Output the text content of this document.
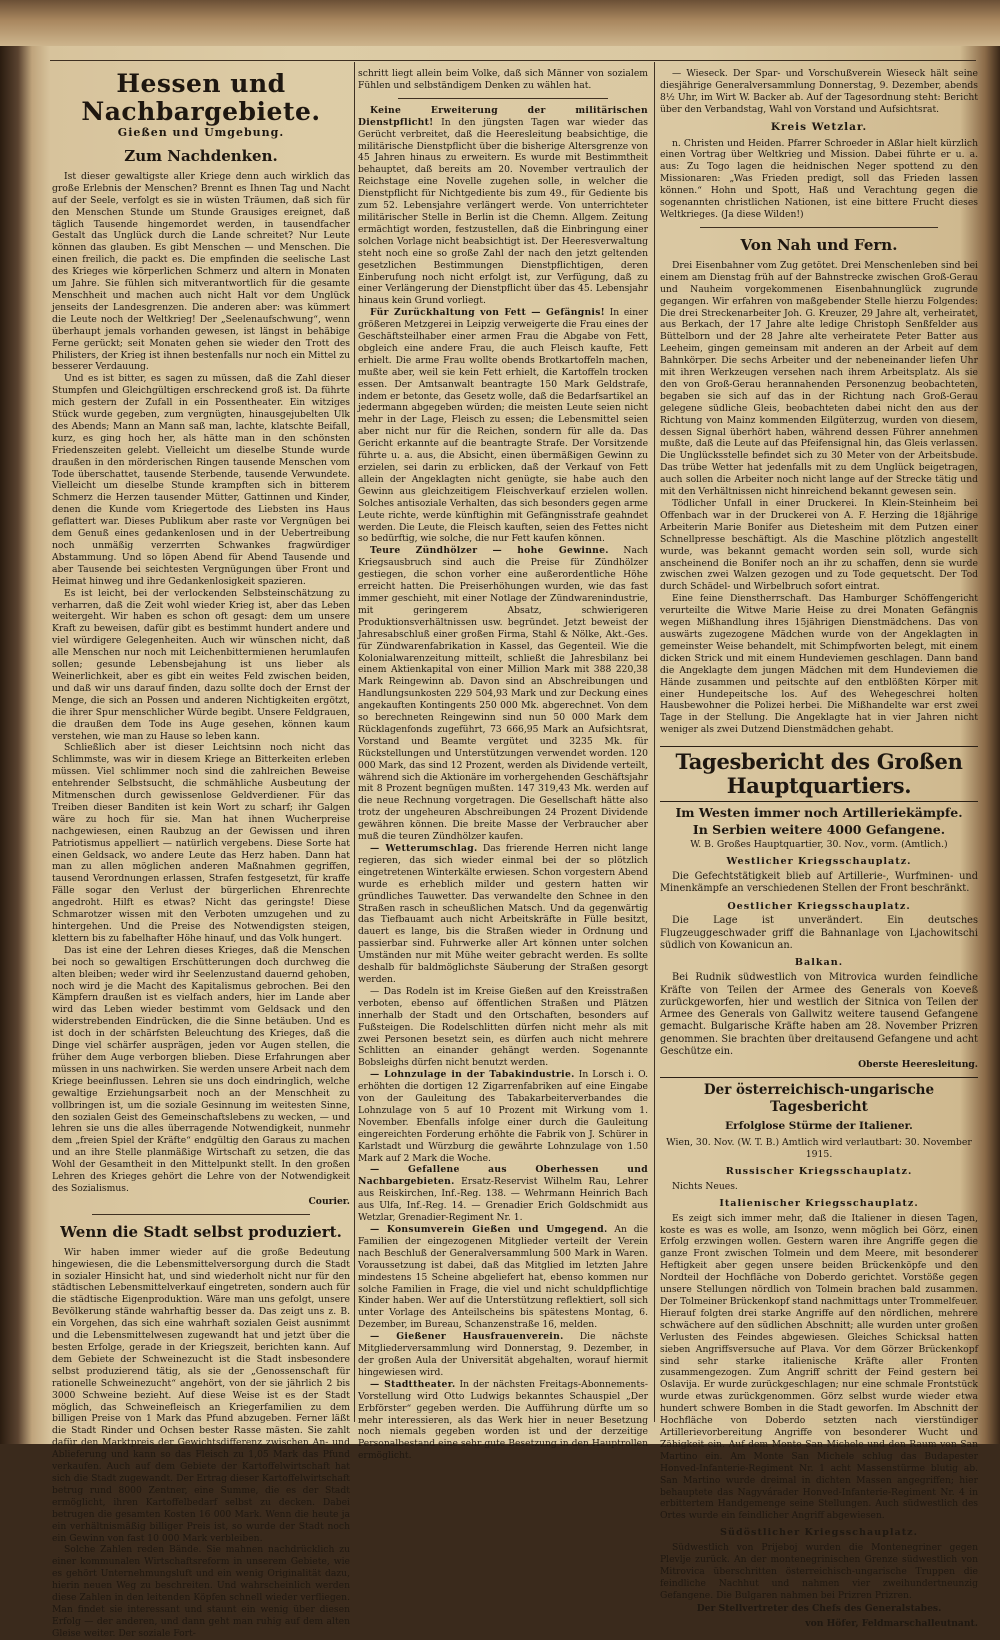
Hessen und Nachbargebiete.
Gießen und Umgebung.
Zum Nachdenken.

Ist dieser gewaltigste aller Kriege denn auch wirklich das große Erlebnis der Menschen? Brennt es Ihnen Tag und Nacht auf der Seele, verfolgt es sie in wüsten Träumen, daß sich für den Menschen Stunde um Stunde Grausiges ereignet, daß täglich Tausende hingemordet werden, in tausendfacher Gestalt das Unglück durch die Lande schreitet? Nur Leute können das glauben. Es gibt Menschen — und Menschen. Die einen freilich, die packt es. Die empfinden die seelische Last des Krieges wie körperlichen Schmerz und altern in Monaten um Jahre. Sie fühlen sich mitverantwortlich für die gesamte Menschheit und machen auch nicht Halt vor dem Unglück jenseits der Landesgrenzen. Die anderen aber: was kümmert die Leute noch der Weltkrieg! Der „Seelenaufschwung“, wenn überhaupt jemals vorhanden gewesen, ist längst in behäbige Ferne gerückt; seit Monaten gehen sie wieder den Trott des Philisters, der Krieg ist ihnen bestenfalls nur noch ein Mittel zu besserer Verdauung.

Und es ist bitter, es sagen zu müssen, daß die Zahl dieser Stumpfen und Gleichgültigen erschreckend groß ist. Da führte mich gestern der Zufall in ein Possentheater. Ein witziges Stück wurde gegeben, zum vergnügten, hinausgejubelten Ulk des Abends; Mann an Mann saß man, lachte, klatschte Beifall, kurz, es ging hoch her, als hätte man in den schönsten Friedenszeiten gelebt. Vielleicht um dieselbe Stunde wurde draußen in den mörderischen Ringen tausende Menschen vom Tode überschattet, tausende Sterbende, tausende Verwundete. Vielleicht um dieselbe Stunde krampften sich in bitterem Schmerz die Herzen tausender Mütter, Gattinnen und Kinder, denen die Kunde vom Kriegertode des Liebsten ins Haus geflattert war. Dieses Publikum aber raste vor Vergnügen bei dem Genuß eines gedankenlosen und in der Uebertreibung noch unmäßig verzerrten Schwankes fragwürdiger Abstammung. Und so löpen Abend für Abend Tausende und aber Tausende bei seichtesten Vergnügungen über Front und Heimat hinweg und ihre Gedankenlosigkeit spazieren.

Es ist leicht, bei der verlockenden Selbsteinschätzung zu verharren, daß die Zeit wohl wieder Krieg ist, aber das Leben weitergeht. Wir haben es schon oft gesagt: dem um unsere Kraft zu beweisen, dafür gibt es bestimmt hundert andere und viel würdigere Gelegenheiten. Auch wir wünschen nicht, daß alle Menschen nur noch mit Leichenbittermienen herumlaufen sollen; gesunde Lebensbejahung ist uns lieber als Weinerlichkeit, aber es gibt ein weites Feld zwischen beiden, und daß wir uns darauf finden, dazu sollte doch der Ernst der Menge, die sich an Possen und anderen Nichtigkeiten ergötzt, die ihrer Spur menschlicher Würde begibt. Unsere Feldgrauen, die draußen dem Tode ins Auge gesehen, können kaum verstehen, wie man zu Hause so leben kann.

Schließlich aber ist dieser Leichtsinn noch nicht das Schlimmste, was wir in diesem Kriege an Bitterkeiten erleben müssen. Viel schlimmer noch sind die zahlreichen Beweise entehrender Selbstsucht, die schmähliche Ausbeutung der Mitmenschen durch gewissenlose Geldverdiener. Für das Treiben dieser Banditen ist kein Wort zu scharf; ihr Galgen wäre zu hoch für sie. Man hat ihnen Wucherpreise nachgewiesen, einen Raubzug an der Gewissen und ihren Patriotismus appelliert — natürlich vergebens. Diese Sorte hat einen Geldsack, wo andere Leute das Herz haben. Dann hat man zu allen möglichen anderen Maßnahmen gegriffen, tausend Verordnungen erlassen, Strafen festgesetzt, für kraffe Fälle sogar den Verlust der bürgerlichen Ehrenrechte angedroht. Hilft es etwas? Nicht das geringste! Diese Schmarotzer wissen mit den Verboten umzugehen und zu hintergehen. Und die Preise des Notwendigsten steigen, klettern bis zu fabelhafter Höhe hinauf, und das Volk hungert.

Das ist eine der Lehren dieses Krieges, daß die Menschen bei noch so gewaltigen Erschütterungen doch durchweg die alten bleiben; weder wird ihr Seelenzustand dauernd gehoben, noch wird je die Macht des Kapitalismus gebrochen. Bei den Kämpfern draußen ist es vielfach anders, hier im Lande aber wird das Leben wieder bestimmt vom Geldsack und den widerstrebenden Eindrücken, die die Sinne betäuben. Und es ist doch in der schärfsten Beleuchtung des Krieges, daß die Dinge viel schärfer ausprägen, jeden vor Augen stellen, die früher dem Auge verborgen blieben. Diese Erfahrungen aber müssen in uns nachwirken. Sie werden unsere Arbeit nach dem Kriege beeinflussen. Lehren sie uns doch eindringlich, welche gewaltige Erziehungsarbeit noch an der Menschheit zu vollbringen ist, um die soziale Gesinnung im weitesten Sinne, den sozialen Geist des Gemeinschaftslebens zu wecken, — und lehren sie uns die alles überragende Notwendigkeit, nunmehr dem „freien Spiel der Kräfte“ endgültig den Garaus zu machen und an ihre Stelle planmäßige Wirtschaft zu setzen, die das Wohl der Gesamtheit in den Mittelpunkt stellt. In den großen Lehren des Krieges gehört die Lehre von der Notwendigkeit des Sozialismus.

Courier.
Wenn die Stadt selbst produziert.

Wir haben immer wieder auf die große Bedeutung hingewiesen, die die Lebensmittelversorgung durch die Stadt in sozialer Hinsicht hat, und sind wiederholt nicht nur für den städtischen Lebensmittelverkauf eingetreten, sondern auch für die städtische Eigenproduktion. Wäre man uns gefolgt, unsere Bevölkerung stände wahrhaftig besser da. Das zeigt uns z. B. ein Vorgehen, das sich eine wahrhaft sozialen Geist ausnimmt und die Lebensmittelwesen zugewandt hat und jetzt über die besten Erfolge, gerade in der Kriegszeit, berichten kann. Auf dem Gebiete der Schweinezucht ist die Stadt insbesondere selbst produzierend tätig, als sie der „Genossenschaft für rationelle Schweinezucht“ angehört, von der sie jährlich 2 bis 3000 Schweine bezieht. Auf diese Weise ist es der Stadt möglich, das Schweinefleisch an Kriegerfamilien zu dem billigen Preise von 1 Mark das Pfund abzugeben. Ferner läßt die Stadt Rinder und Ochsen bester Rasse mästen. Sie zahlt dafür den Marktpreis der Gewichtsdifferenz zwischen An- und Ablieferung und kann so das Fleisch zu 1,05 Mark das Pfund verkaufen. Auch auf dem Gebiete der Kartoffelwirtschaft hat sich die Stadt zugewandt. Der Ertrag dieser Kartoffelwirtschaft betrug rund 8000 Zentner, eine Summe, die es der Stadt ermöglicht, ihren Kartoffelbedarf selbst zu decken. Dabei betrugen die gesamten Kosten 16 000 Mark. Wenn die heute ja ein verhältnismäßig billiger Preis ist, so wurde der Stadt noch ein Gewinn von fast 10 000 Mark verbleiben.

Solche Zahlen reden Bände. Sie mahnen nachdrücklich zu einer kommunalen Wirtschaftsreform in unserem Gebiete, wie es gehört Unternehmungsluft und ein wenig Originalität dazu, hierin neuen Weg zu beschreiten. Und wahrscheinlich werden diese Zahlen in den leitenden Köpfen schnell wieder verfliegen. Man findet sie interessant und staunt ein wenig über diesen Erfolg — der anderen, und dann geht man ruhig auf dem alten Gleise weiter. Der soziale Fort-

schritt liegt allein beim Volke, daß sich Männer von sozialem Fühlen und selbständigem Denken zu wählen hat.

Keine Erweiterung der militärischen Dienstpflicht! In den jüngsten Tagen war wieder das Gerücht verbreitet, daß die Heeresleitung beabsichtige, die militärische Dienstpflicht über die bisherige Altersgrenze von 45 Jahren hinaus zu erweitern. Es wurde mit Bestimmtheit behauptet, daß bereits am 20. November vertraulich der Reichstage eine Novelle zugehen solle, in welcher die Dienstpflicht für Nichtgediente bis zum 49., für Gediente bis zum 52. Lebensjahre verlängert werde. Von unterrichteter militärischer Stelle in Berlin ist die Chemn. Allgem. Zeitung ermächtigt worden, festzustellen, daß die Einbringung einer solchen Vorlage nicht beabsichtigt ist. Der Heeresverwaltung steht noch eine so große Zahl der nach den jetzt geltenden gesetzlichen Bestimmungen Dienstpflichtigen, deren Einberufung noch nicht erfolgt ist, zur Verfügung, daß zu einer Verlängerung der Dienstpflicht über das 45. Lebensjahr hinaus kein Grund vorliegt.

Für Zurückhaltung von Fett — Gefängnis! In einer größeren Metzgerei in Leipzig verweigerte die Frau eines der Geschäftsteilhaber einer armen Frau die Abgabe von Fett, obgleich eine andere Frau, die auch Fleisch kaufte, Fett erhielt. Die arme Frau wollte obends Brotkartoffeln machen, mußte aber, weil sie kein Fett erhielt, die Kartoffeln trocken essen. Der Amtsanwalt beantragte 150 Mark Geldstrafe, indem er betonte, das Gesetz wolle, daß die Bedarfsartikel an jedermann abgegeben würden; die meisten Leute seien nicht mehr in der Lage, Fleisch zu essen; die Lebensmittel seien aber nicht nur für die Reichen, sondern für alle da. Das Gericht erkannte auf die beantragte Strafe. Der Vorsitzende führte u. a. aus, die Absicht, einen übermäßigen Gewinn zu erzielen, sei darin zu erblicken, daß der Verkauf von Fett allein der Angeklagten nicht genügte, sie habe auch den Gewinn aus gleichzeitigem Fleischverkauf erzielen wollen. Solches antisoziale Verhalten, das sich besonders gegen arme Leute richte, werde künftighin mit Gefängnisstrafe geahndet werden. Die Leute, die Fleisch kauften, seien des Fettes nicht so bedürftig, wie solche, die nur Fett kaufen können.

Teure Zündhölzer — hohe Gewinne. Nach Kriegsausbruch sind auch die Preise für Zündhölzer gestiegen, die schon vorher eine außerordentliche Höhe erreicht hatten. Die Preiserhöhungen wurden, wie das fast immer geschieht, mit einer Notlage der Zündwarenindustrie, mit geringerem Absatz, schwierigeren Produktionsverhältnissen usw. begründet. Jetzt beweist der Jahresabschluß einer großen Firma, Stahl & Nölke, Akt.-Ges. für Zündwarenfabrikation in Kassel, das Gegenteil. Wie die Kolonialwarenzeitung mitteilt, schließt die Jahresbilanz bei einem Aktienkapital von einer Million Mark mit 388 220,38 Mark Reingewinn ab. Davon sind an Abschreibungen und Handlungsunkosten 229 504,93 Mark und zur Deckung eines angekauften Kontingents 250 000 Mk. abgerechnet. Von dem so berechneten Reingewinn sind nun 50 000 Mark dem Rücklagenfonds zugeführt, 73 666,95 Mark an Aufsichtsrat, Vorstand und Beamte vergütet und 3235 Mk. für Rückstellungen und Unterstützungen verwendet worden. 120 000 Mark, das sind 12 Prozent, werden als Dividende verteilt, während sich die Aktionäre im vorhergehenden Geschäftsjahr mit 8 Prozent begnügen mußten. 147 319,43 Mk. werden auf die neue Rechnung vorgetragen. Die Gesellschaft hätte also trotz der ungeheuren Abschreibungen 24 Prozent Dividende gewähren können. Die breite Masse der Verbraucher aber muß die teuren Zündhölzer kaufen.

— Wetterumschlag. Das frierende Herren nicht lange regieren, das sich wieder einmal bei der so plötzlich eingetretenen Winterkälte erwiesen. Schon vorgestern Abend wurde es erheblich milder und gestern hatten wir gründliches Tauwetter. Das verwandelte den Schnee in den Straßen rasch in scheußlichen Matsch. Und da gegenwärtig das Tiefbauamt auch nicht Arbeitskräfte in Fülle besitzt, dauert es lange, bis die Straßen wieder in Ordnung und passierbar sind. Fuhrwerke aller Art können unter solchen Umständen nur mit Mühe weiter gebracht werden. Es sollte deshalb für baldmöglichste Säuberung der Straßen gesorgt werden.

— Das Rodeln ist im Kreise Gießen auf den Kreisstraßen verboten, ebenso auf öffentlichen Straßen und Plätzen innerhalb der Stadt und den Ortschaften, besonders auf Fußsteigen. Die Rodelschlitten dürfen nicht mehr als mit zwei Personen besetzt sein, es dürfen auch nicht mehrere Schlitten an einander gehängt werden. Sogenannte Bobsleighs dürfen nicht benutzt werden.

— Lohnzulage in der Tabakindustrie. In Lorsch i. O. erhöhten die dortigen 12 Zigarrenfabriken auf eine Eingabe von der Gauleitung des Tabakarbeiterverbandes die Lohnzulage von 5 auf 10 Prozent mit Wirkung vom 1. November. Ebenfalls infolge einer durch die Gauleitung eingereichten Forderung erhöhte die Fabrik von J. Schürer in Karlstadt und Würzburg die gewährte Lohnzulage von 1.50 Mark auf 2 Mark die Woche.

— Gefallene aus Oberhessen und Nachbargebieten. Ersatz-Reservist Wilhelm Rau, Lehrer aus Reiskirchen, Inf.-Reg. 138. — Wehrmann Heinrich Bach aus Ulfa, Inf.-Reg. 14. — Grenadier Erich Goldschmidt aus Wetzlar, Grenadier-Regiment Nr. 1.

— Konsumverein Gießen und Umgegend. An die Familien der eingezogenen Mitglieder verteilt der Verein nach Beschluß der Generalversammlung 500 Mark in Waren. Voraussetzung ist dabei, daß das Mitglied im letzten Jahre mindestens 15 Scheine abgeliefert hat, ebenso kommen nur solche Familien in Frage, die viel und nicht schuldpflichtige Kinder haben. Wer auf die Unterstützung reflektiert, soll sich unter Vorlage des Anteilscheins bis spätestens Montag, 6. Dezember, im Bureau, Schanzenstraße 16, melden.

— Gießener Hausfrauenverein. Die nächste Mitgliederversammlung wird Donnerstag, 9. Dezember, in der großen Aula der Universität abgehalten, worauf hiermit hingewiesen wird.

— Stadttheater. In der nächsten Freitags-Abonnements-Vorstellung wird Otto Ludwigs bekanntes Schauspiel „Der Erbförster“ gegeben werden. Die Aufführung dürfte um so mehr interessieren, als das Werk hier in neuer Besetzung noch niemals gegeben worden ist und der derzeitige Personalbestand eine sehr gute Besetzung in den Hauptrollen ermöglicht.

— Wieseck. Der Spar- und Vorschußverein Wieseck hält seine diesjährige Generalversammlung Donnerstag, 9. Dezember, abends 8½ Uhr, im Wirt W. Backer ab. Auf der Tagesordnung steht: Bericht über den Verbandstag, Wahl von Vorstand und Aufsichtsrat.

Kreis Wetzlar.

n. Christen und Heiden. Pfarrer Schroeder in Aßlar hielt kürzlich einen Vortrag über Weltkrieg und Mission. Dabei führte er u. a. aus: Zu Togo lagen die heidnischen Neger spottend zu den Missionaren: „Was Frieden predigt, soll das Frieden lassen können.“ Hohn und Spott, Haß und Verachtung gegen die sogenannten christlichen Nationen, ist eine bittere Frucht dieses Weltkrieges. (Ja diese Wilden!)

Von Nah und Fern.

Drei Eisenbahner vom Zug getötet. Drei Menschenleben sind bei einem am Dienstag früh auf der Bahnstrecke zwischen Groß-Gerau und Nauheim vorgekommenen Eisenbahnunglück zugrunde gegangen. Wir erfahren von maßgebender Stelle hierzu Folgendes: Die drei Streckenarbeiter Joh. G. Kreuzer, 29 Jahre alt, verheiratet, aus Berkach, der 17 Jahre alte ledige Christoph Senßfelder aus Büttelborn und der 28 Jahre alte verheiratete Peter Batter aus Leeheim, gingen gemeinsam mit anderen an der Arbeit auf dem Bahnkörper. Die sechs Arbeiter und der nebeneinander liefen Uhr mit ihren Werkzeugen versehen nach ihrem Arbeitsplatz. Als sie den von Groß-Gerau herannahenden Personenzug beobachteten, begaben sie sich auf das in der Richtung nach Groß-Gerau gelegene südliche Gleis, beobachteten dabei nicht den aus der Richtung von Mainz kommenden Eilgüterzug, wurden von diesem, dessen Signal überhört haben, während dessen Führer annehmen mußte, daß die Leute auf das Pfeifensignal hin, das Gleis verlassen. Die Unglücksstelle befindet sich zu 30 Meter von der Arbeitsbude. Das trübe Wetter hat jedenfalls mit zu dem Unglück beigetragen, auch sollen die Arbeiter noch nicht lange auf der Strecke tätig und mit den Verhältnissen nicht hinreichend bekannt gewesen sein.

Tödlicher Unfall in einer Druckerei. In Klein-Steinheim bei Offenbach war in der Druckerei von A. F. Herzing die 18jährige Arbeiterin Marie Bonifer aus Dietesheim mit dem Putzen einer Schnellpresse beschäftigt. Als die Maschine plötzlich angestellt wurde, was bekannt gemacht worden sein soll, wurde sich anscheinend die Bonifer noch an ihr zu schaffen, denn sie wurde zwischen zwei Walzen gezogen und zu Tode gequetscht. Der Tod durch Schädel- und Wirbelbruch sofort eintrat.

Eine feine Dienstherrschaft. Das Hamburger Schöffengericht verurteilte die Witwe Marie Heise zu drei Monaten Gefängnis wegen Mißhandlung ihres 15jährigen Dienstmädchens. Das von auswärts zugezogene Mädchen wurde von der Angeklagten in gemeinster Weise behandelt, mit Schimpfworten belegt, mit einem dicken Strick und mit einem Hundeviemen geschlagen. Dann band die Angeklagte dem jungen Mädchen mit dem Hundeviemen die Hände zusammen und peitschte auf den entblößten Körper mit einer Hundepeitsche los. Auf des Wehegeschrei holten Hausbewohner die Polizei herbei. Die Mißhandelte war erst zwei Tage in der Stellung. Die Angeklagte hat in vier Jahren nicht weniger als zwei Dutzend Dienstmädchen gehabt.

Tagesbericht des Großen Hauptquartiers.
Im Westen immer noch Artilleriekämpfe.
In Serbien weitere 4000 Gefangene.
W. B. Großes Hauptquartier, 30. Nov., vorm. (Amtlich.)
Westlicher Kriegsschauplatz.

Die Gefechtstätigkeit blieb auf Artillerie-, Wurfminen- und Minenkämpfe an verschiedenen Stellen der Front beschränkt.

Oestlicher Kriegsschauplatz.

Die Lage ist unverändert. Ein deutsches Flugzeuggeschwader griff die Bahnanlage von Ljachowitschi südlich von Kowanicun an.

Balkan.

Bei Rudnik südwestlich von Mitrovica wurden feindliche Kräfte von Teilen der Armee des Generals von Koeveß zurückgeworfen, hier und westlich der Sitnica von Teilen der Armee des Generals von Gallwitz weitere tausend Gefangene gemacht. Bulgarische Kräfte haben am 28. November Prizren genommen. Sie brachten über dreitausend Gefangene und acht Geschütze ein.

Oberste Heeresleitung.
Der österreichisch-ungarische Tagesbericht
Erfolglose Stürme der Italiener.
Wien, 30. Nov. (W. T. B.) Amtlich wird verlautbart: 30. November 1915.
Russischer Kriegsschauplatz.

Nichts Neues.

Italienischer Kriegsschauplatz.

Es zeigt sich immer mehr, daß die Italiener in diesen Tagen, koste es was es wolle, am Isonzo, wenn möglich bei Görz, einen Erfolg erzwingen wollen. Gestern waren ihre Angriffe gegen die ganze Front zwischen Tolmein und dem Meere, mit besonderer Heftigkeit aber gegen unsere beiden Brückenköpfe und den Nordteil der Hochfläche von Doberdo gerichtet. Vorstöße gegen unsere Stellungen nördlich von Tolmein brachen bald zusammen. Der Tolmeiner Brückenkopf stand nachmittags unter Trommelfeuer. Hierauf folgten drei starke Angriffe auf den nördlichen, mehrere schwächere auf den südlichen Abschnitt; alle wurden unter großen Verlusten des Feindes abgewiesen. Gleiches Schicksal hatten sieben Angriffsversuche auf Plava. Vor dem Görzer Brückenkopf sind sehr starke italienische Kräfte aller Fronten zusammengezogen. Zum Angriff schritt der Feind gestern bei Oslavija. Er wurde zurückgeschlagen; nur eine schmale Frontstück wurde etwas zurückgenommen. Görz selbst wurde wieder etwa hundert schwere Bomben in die Stadt geworfen. Im Abschnitt der Hochfläche von Doberdo setzten nach vierstündiger Artillerievorbereitung Angriffe von besonderer Wucht und Zähigkeit ein. Auf dem Monte San Michele und den Raum von San Martino ein. Am Monte San Michele schlug das Budapester Honved-Infanterie-Regiment Nr. 1 acht Massenstürme blutig ab. San Martino wurde dreimal in dichten Massen angegriffen; hier behauptete das Nagyvárader Honved-Infanterie-Regiment Nr. 4 in erbittertem Handgemenge seine Stellungen. Auch südwestlich des Ortes wurde ein feindlicher Angriff abgewiesen.

Südöstlicher Kriegsschauplatz.

Südwestlich von Prijeboj wurden die Montenegriner gegen Plevlje zurück. An der montenegrinischen Grenze südwestlich von Mitrovica überschritten österreichisch-ungarische Truppen die feindliche Nachhut und nahmen vier zweihundertneunzig Gefangene. Die Bulgaren nahmen bei Prizren Prizren.

Der Stellvertreter des Chefs des Generalstabes.
von Höfer, Feldmarschalleutnant.
